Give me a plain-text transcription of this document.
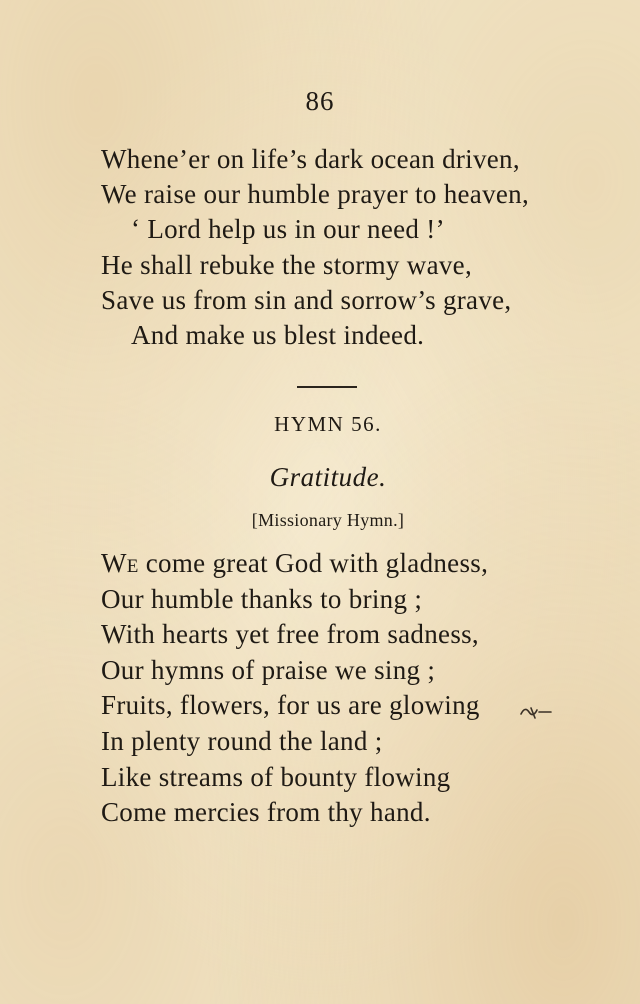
86
Whene’er on life’s dark ocean driven,
We raise our humble prayer to heaven,
‘ Lord help us in our need !’
He shall rebuke the stormy wave,
Save us from sin and sorrow’s grave,
And make us blest indeed.
HYMN 56.
Gratitude.
[Missionary Hymn.]
We come great God with gladness,
Our humble thanks to bring ;
With hearts yet free from sadness,
Our hymns of praise we sing ;
Fruits, flowers, for us are glowing
In plenty round the land ;
Like streams of bounty flowing
Come mercies from thy hand.
